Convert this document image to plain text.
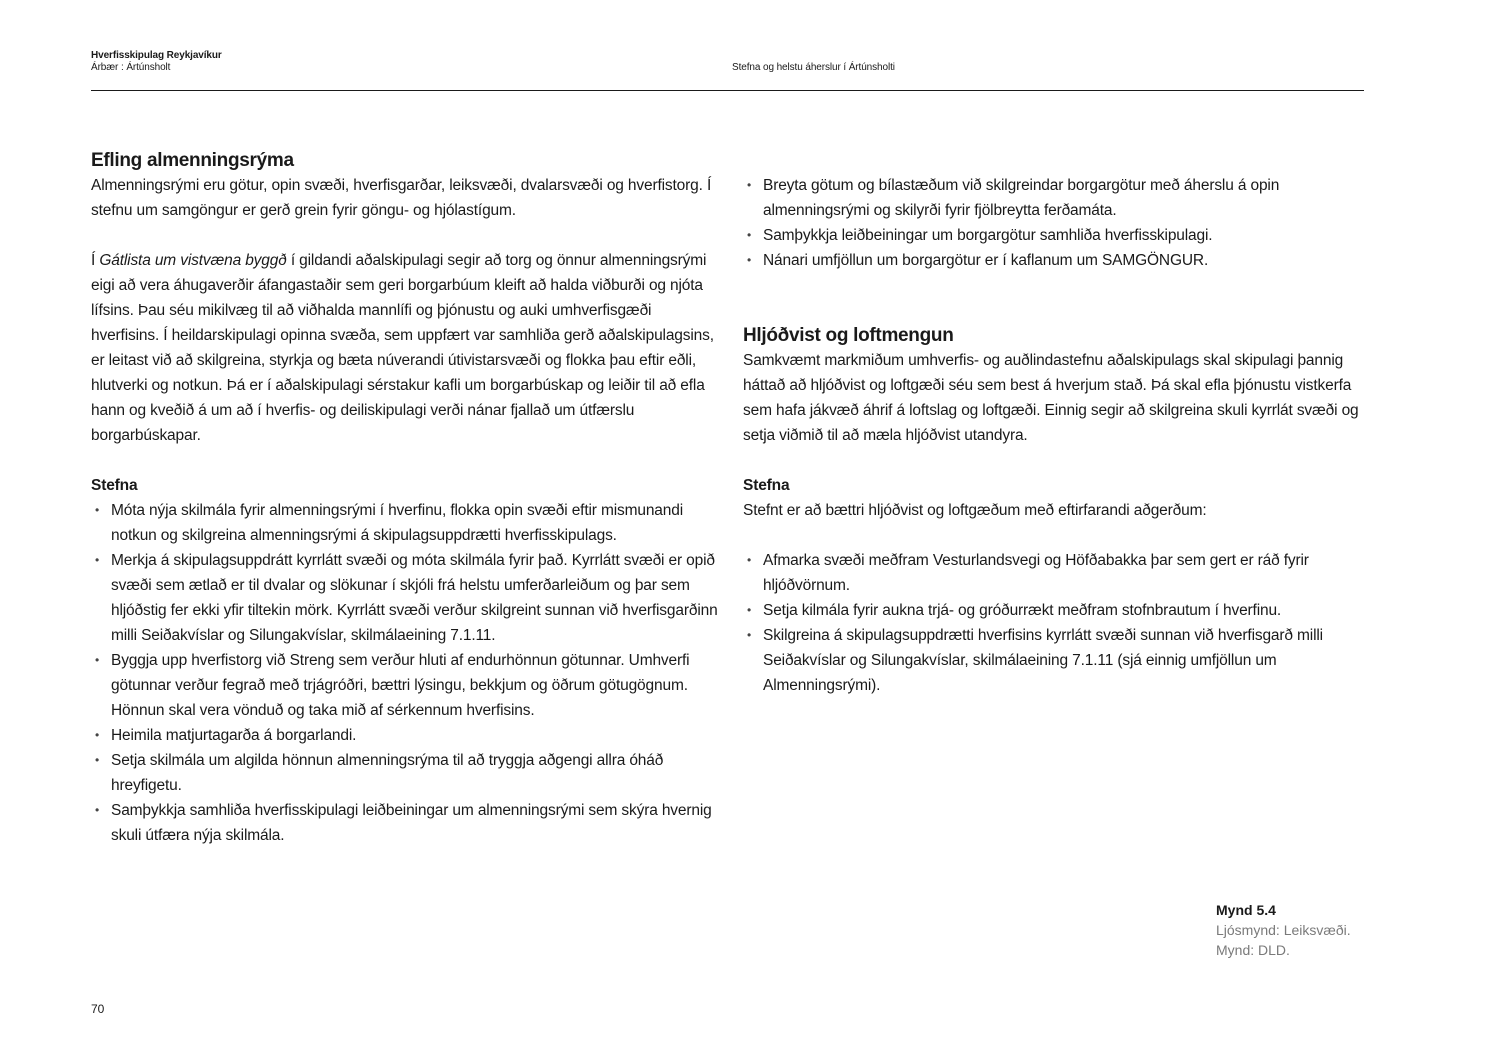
Hverfisskipulag Reykjavíkur
Árbær : Ártúnsholt	Stefna og helstu áherslur í Ártúnsholti
Efling almenningsrýma

Almenningsrými eru götur, opin svæði, hverfisgarðar, leiksvæði, dvalarsvæði og hverfistorg. Í stefnu um samgöngur er gerð grein fyrir göngu- og hjólastígum.

Í Gátlista um vistvæna byggð í gildandi aðalskipulagi segir að torg og önnur almenningsrými eigi að vera áhugaverðir áfangastaðir sem geri borgarbúum kleift að halda viðburði og njóta lífsins. Þau séu mikilvæg til að viðhalda mannlífi og þjónustu og auki umhverfisgæði hverfisins. Í heildarskipulagi opinna svæða, sem uppfært var samhliða gerð aðalskipulagsins, er leitast við að skilgreina, styrkja og bæta núverandi útivistarsvæði og flokka þau eftir eðli, hlutverki og notkun. Þá er í aðalskipulagi sérstakur kafli um borgarbúskap og leiðir til að efla hann og kveðið á um að í hverfis- og deiliskipulagi verði nánar fjallað um útfærslu borgarbúskapar.

Stefna
• Móta nýja skilmála fyrir almenningsrými í hverfinu, flokka opin svæði eftir mismunandi notkun og skilgreina almenningsrými á skipulagsuppdrætti hverfisskipulags.
• Merkja á skipulagsuppdrátt kyrrlátt svæði og móta skilmála fyrir það. Kyrrlátt svæði er opið svæði sem ætlað er til dvalar og slökunar í skjóli frá helstu umferðarleiðum og þar sem hljóðstig fer ekki yfir tiltekin mörk. Kyrrlátt svæði verður skilgreint sunnan við hverfisgarðinn milli Seiðakvíslar og Silungakvíslar, skilmálaeining 7.1.11.
• Byggja upp hverfistorg við Streng sem verður hluti af endurhönnun götunnar. Umhverfi götunnar verður fegrað með trjágróðri, bættri lýsingu, bekkjum og öðrum götugögnum. Hönnun skal vera vönduð og taka mið af sérkennum hverfisins.
• Heimila matjurtagarða á borgarlandi.
• Setja skilmála um algilda hönnun almenningsrýma til að tryggja aðgengi allra óháð hreyfigetu.
• Samþykkja samhliða hverfisskipulagi leiðbeiningar um almenningsrými sem skýra hvernig skuli útfæra nýja skilmála.
• Breyta götum og bílastæðum við skilgreindar borgargötur með áherslu á opin almenningsrými og skilyrði fyrir fjölbreytta ferðamáta.
• Samþykkja leiðbeiningar um borgargötur samhliða hverfisskipulagi.
• Nánari umfjöllun um borgargötur er í kaflanum um SAMGÖNGUR.
Hljóðvist og loftmengun

Samkvæmt markmiðum umhverfis- og auðlindastefnu aðalskipulags skal skipulagi þannig háttað að hljóðvist og loftgæði séu sem best á hverjum stað. Þá skal efla þjónustu vistkerfa sem hafa jákvæð áhrif á loftslag og loftgæði. Einnig segir að skilgreina skuli kyrrlát svæði og setja viðmið til að mæla hljóðvist utandyra.

Stefna

Stefnt er að bættri hljóðvist og loftgæðum með eftirfarandi aðgerðum:

• Afmarka svæði meðfram Vesturlandsvegi og Höfðabakka þar sem gert er ráð fyrir hljóðvörnum.
• Setja kilmála fyrir aukna trjá- og gróðurrækt meðfram stofnbrautum í hverfinu.
• Skilgreina á skipulagsuppdrætti hverfisins kyrrlátt svæði sunnan við hverfisgarð milli Seiðakvíslar og Silungakvíslar, skilmálaeining 7.1.11 (sjá einnig umfjöllun um Almenningsrými).
Mynd 5.4
Ljósmynd: Leiksvæði.
Mynd: DLD.
70
